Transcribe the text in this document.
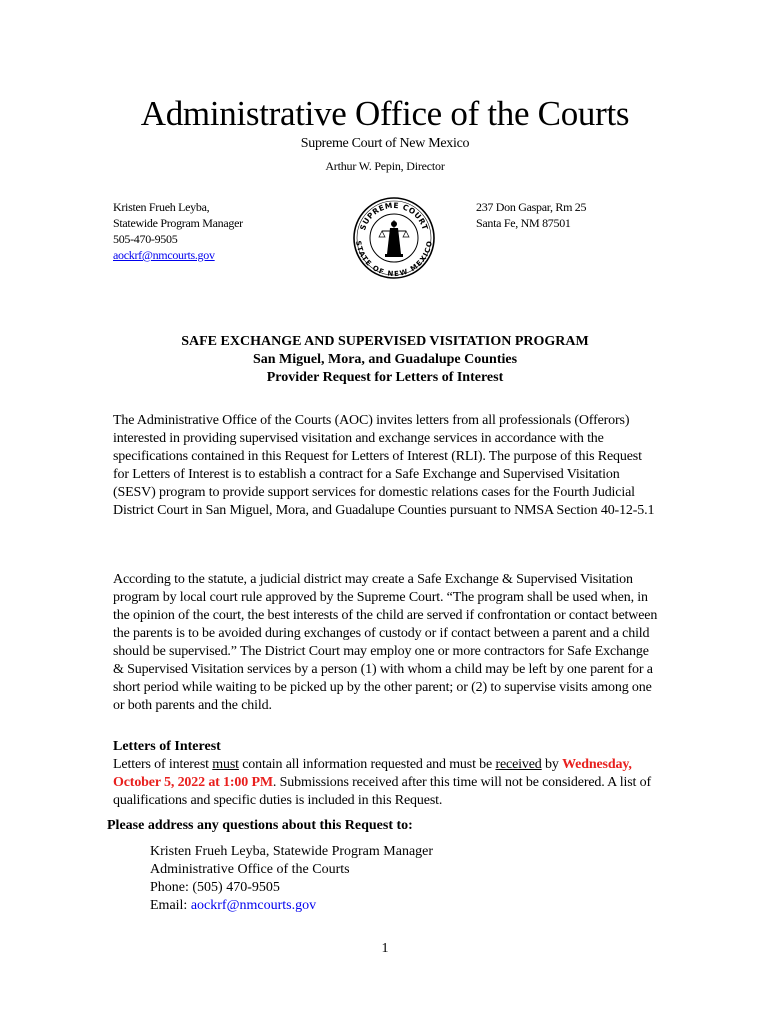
Administrative Office of the Courts
Supreme Court of New Mexico
Arthur W. Pepin, Director
Kristen Frueh Leyba,
Statewide Program Manager
505-470-9505
aockrf@nmcourts.gov
SUPREME COURT
STATE OF NEW MEXICO
237 Don Gaspar, Rm 25
Santa Fe, NM 87501
SAFE EXCHANGE AND SUPERVISED VISITATION PROGRAM
San Miguel, Mora, and Guadalupe Counties
Provider Request for Letters of Interest
The Administrative Office of the Courts (AOC) invites letters from all professionals (Offerors) interested in providing supervised visitation and exchange services in accordance with the specifications contained in this Request for Letters of Interest (RLI). The purpose of this Request for Letters of Interest is to establish a contract for a Safe Exchange and Supervised Visitation (SESV) program to provide support services for domestic relations cases for the Fourth Judicial District Court in San Miguel, Mora, and Guadalupe Counties pursuant to NMSA Section 40-12-5.1
According to the statute, a judicial district may create a Safe Exchange & Supervised Visitation program by local court rule approved by the Supreme Court. “The program shall be used when, in the opinion of the court, the best interests of the child are served if confrontation or contact between the parents is to be avoided during exchanges of custody or if contact between a parent and a child should be supervised.” The District Court may employ one or more contractors for Safe Exchange & Supervised Visitation services by a person (1) with whom a child may be left by one parent for a short period while waiting to be picked up by the other parent; or (2) to supervise visits among one or both parents and the child.
Letters of Interest
Letters of interest must contain all information requested and must be received by Wednesday, October 5, 2022 at 1:00 PM. Submissions received after this time will not be considered. A list of qualifications and specific duties is included in this Request.
Please address any questions about this Request to:
Kristen Frueh Leyba, Statewide Program Manager
Administrative Office of the Courts
Phone: (505) 470-9505
Email: aockrf@nmcourts.gov
1
